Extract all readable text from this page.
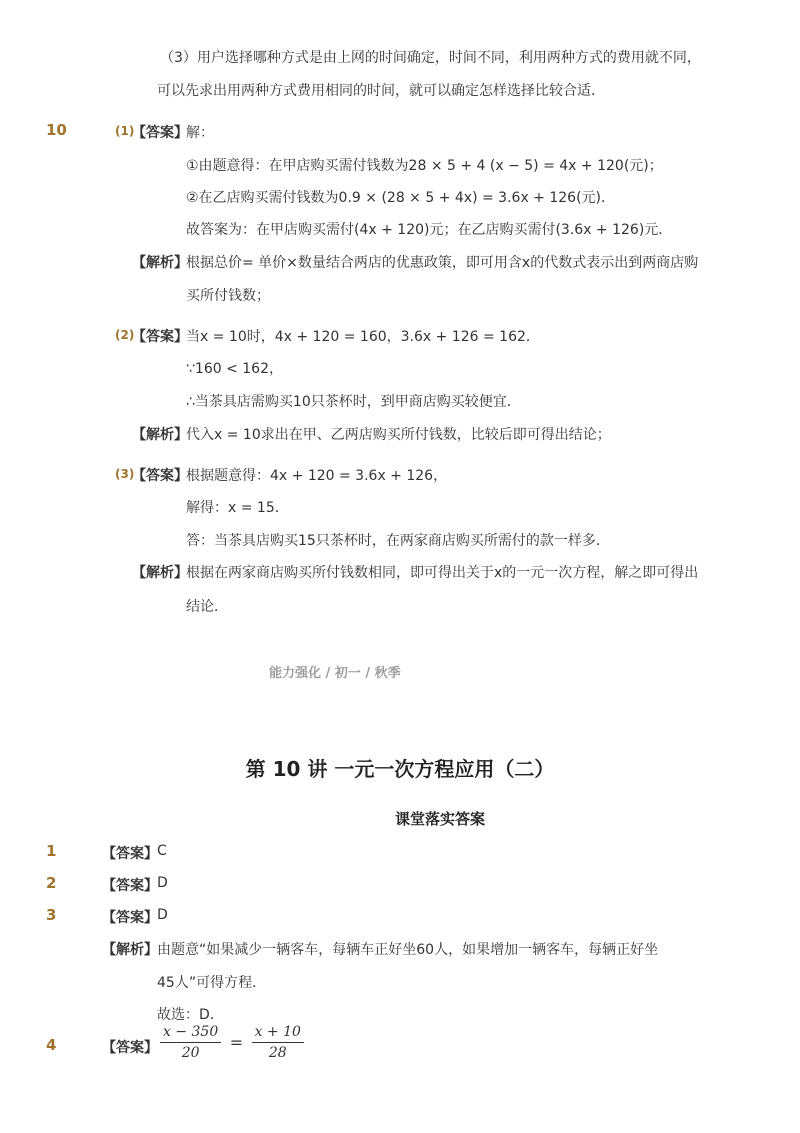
（3）用户选择哪种方式是由上网的时间确定，时间不同，利用两种方式的费用就不同，
可以先求出用两种方式费用相同的时间，就可以确定怎样选择比较合适．
10	(1)
【答案】
解：
①由题意得：在甲店购买需付钱数为28 × 5 + 4 (x − 5) = 4x + 120(元)；
②在乙店购买需付钱数为0.9 × (28 × 5 + 4x) = 3.6x + 126(元)．
故答案为：在甲店购买需付(4x + 120)元；在乙店购买需付(3.6x + 126)元．
【解析】
根据总价= 单价×数量结合两店的优惠政策，即可用含x的代数式表示出到两商店购
买所付钱数；
(2)
【答案】
当x = 10时，4x + 120 = 160，3.6x + 126 = 162．
∵160 < 162，
∴当茶具店需购买10只茶杯时，到甲商店购买较便宜．
【解析】
代入x = 10求出在甲、乙两店购买所付钱数，比较后即可得出结论；
(3)
【答案】
根据题意得：4x + 120 = 3.6x + 126，
解得：x = 15．
答：当茶具店购买15只茶杯时，在两家商店购买所需付的款一样多．
【解析】
根据在两家商店购买所付钱数相同，即可得出关于x的一元一次方程，解之即可得出
结论．
能力强化 / 初一 / 秋季
第 10 讲 一元一次方程应用（二）
课堂落实答案
1	【答案】 C
2	【答案】 D
3	【答案】 D
【解析】 由题意“如果减少一辆客车，每辆车正好坐60人，如果增加一辆客车，每辆正好坐
45人”可得方程．
故选：D．
4	【答案】 $\frac{x - 350}{20} = \frac{x + 10}{28}$
